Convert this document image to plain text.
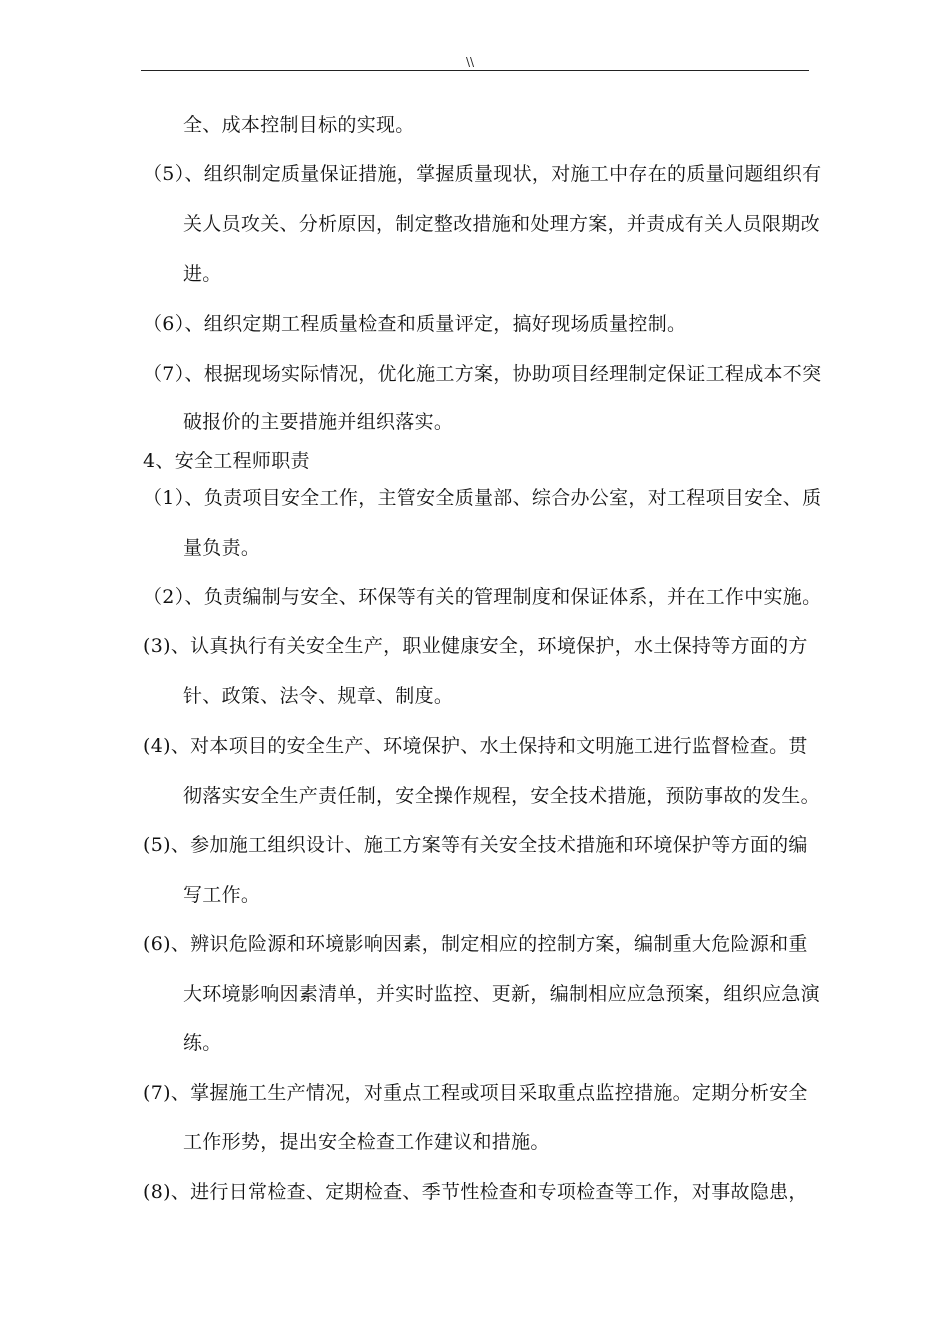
\\
全、成本控制目标的实现。
（5）、组织制定质量保证措施，掌握质量现状，对施工中存在的质量问题组织有
关人员攻关、分析原因，制定整改措施和处理方案，并责成有关人员限期改
进。
（6）、组织定期工程质量检查和质量评定，搞好现场质量控制。
（7）、根据现场实际情况，优化施工方案，协助项目经理制定保证工程成本不突
破报价的主要措施并组织落实。
4、安全工程师职责
（1）、负责项目安全工作，主管安全质量部、综合办公室，对工程项目安全、质
量负责。
（2）、负责编制与安全、环保等有关的管理制度和保证体系，并在工作中实施。
(3)、认真执行有关安全生产，职业健康安全，环境保护，水土保持等方面的方
针、政策、法令、规章、制度。
(4)、对本项目的安全生产、环境保护、水土保持和文明施工进行监督检查。贯
彻落实安全生产责任制，安全操作规程，安全技术措施，预防事故的发生。
(5)、参加施工组织设计、施工方案等有关安全技术措施和环境保护等方面的编
写工作。
(6)、辨识危险源和环境影响因素，制定相应的控制方案，编制重大危险源和重
大环境影响因素清单，并实时监控、更新，编制相应应急预案，组织应急演
练。
(7)、掌握施工生产情况，对重点工程或项目采取重点监控措施。定期分析安全
工作形势，提出安全检查工作建议和措施。
(8)、进行日常检查、定期检查、季节性检查和专项检查等工作，对事故隐患，
